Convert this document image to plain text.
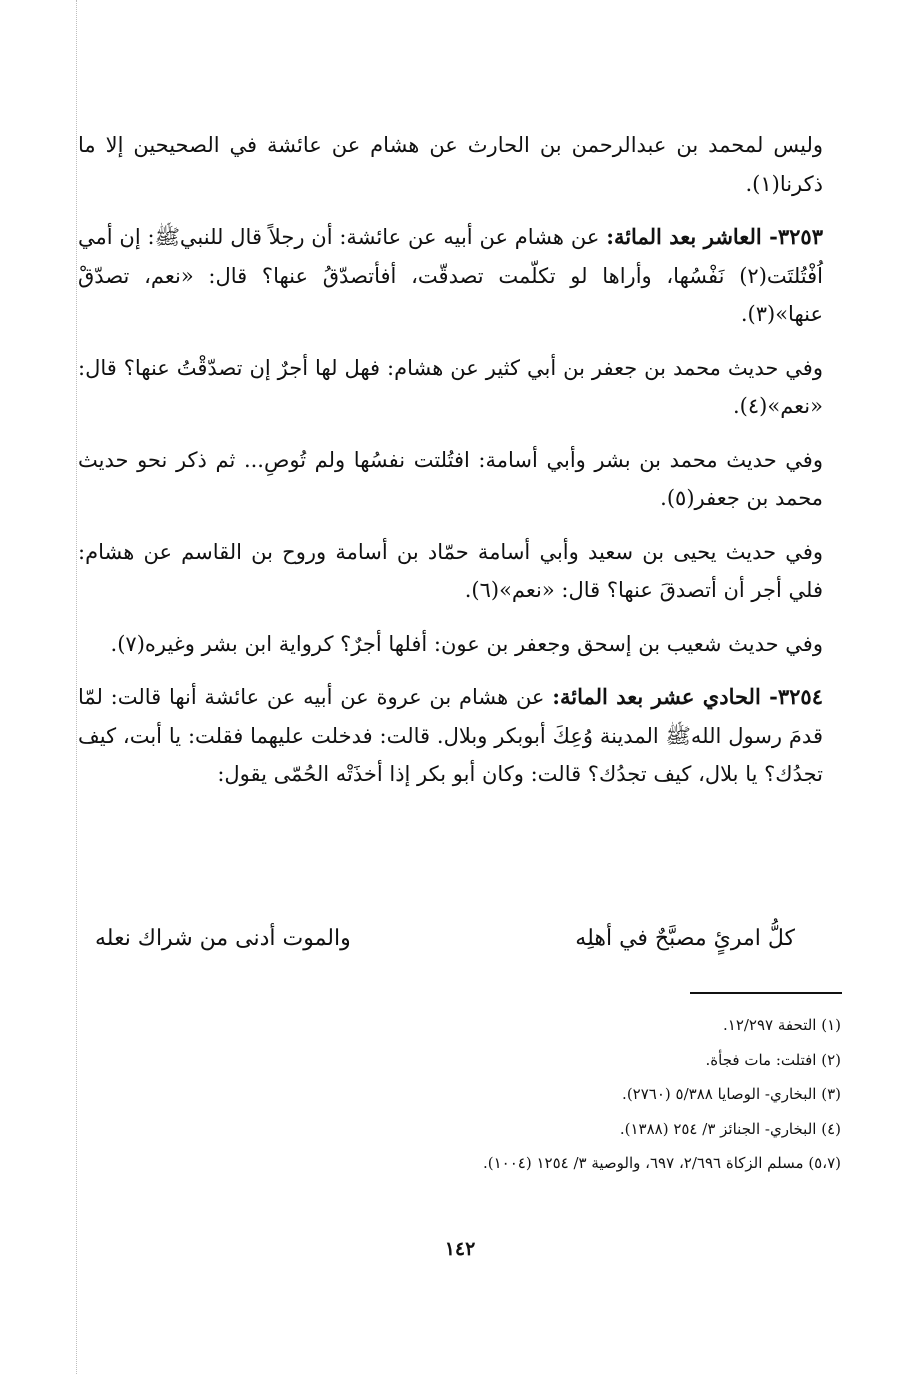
وليس لمحمد بن عبدالرحمن بن الحارث عن هشام عن عائشة في الصحيحين إلا ما ذكرنا(١).

٣٢٥٣- العاشر بعد المائة: عن هشام عن أبيه عن عائشة: أن رجلاً قال للنبيﷺ: إن أمي اُفْتُلتَت(٢) نَفْسُها، وأراها لو تكلّمت تصدقّت، أفأتصدّقُ عنها؟ قال: «نعم، تصدّقْ عنها»(٣).

وفي حديث محمد بن جعفر بن أبي كثير عن هشام: فهل لها أجرٌ إن تصدّقْتُ عنها؟ قال: «نعم»(٤).

وفي حديث محمد بن بشر وأبي أسامة: افتُلتت نفسُها ولم تُوصِ... ثم ذكر نحو حديث محمد بن جعفر(٥).

وفي حديث يحيى بن سعيد وأبي أسامة حمّاد بن أسامة وروح بن القاسم عن هشام: فلي أجر أن أتصدقَ عنها؟ قال: «نعم»(٦).

وفي حديث شعيب بن إسحق وجعفر بن عون: أفلها أجرٌ؟ كرواية ابن بشر وغيره(٧).

٣٢٥٤- الحادي عشر بعد المائة: عن هشام بن عروة عن أبيه عن عائشة أنها قالت: لمّا قدمَ رسول اللهﷺ المدينة وُعِكَ أبوبكر وبلال. قالت: فدخلت عليهما فقلت: يا أبت، كيف تجدُك؟ يا بلال، كيف تجدُك؟ قالت: وكان أبو بكر إذا أخذَتْه الحُمّى يقول:

كلُّ امرئٍ مصبَّحٌ في أهلِه
والموت أدنى من شراك نعله
(١) التحفة ١٢/٢٩٧.
(٢) افتلت: مات فجأة.
(٣) البخاري- الوصايا ٥/٣٨٨ (٢٧٦٠).
(٤) البخاري- الجنائز ٣/ ٢٥٤ (١٣٨٨).
(٥،٧) مسلم الزكاة ٢/٦٩٦، ٦٩٧، والوصية ٣/ ١٢٥٤ (١٠٠٤).
١٤٢
